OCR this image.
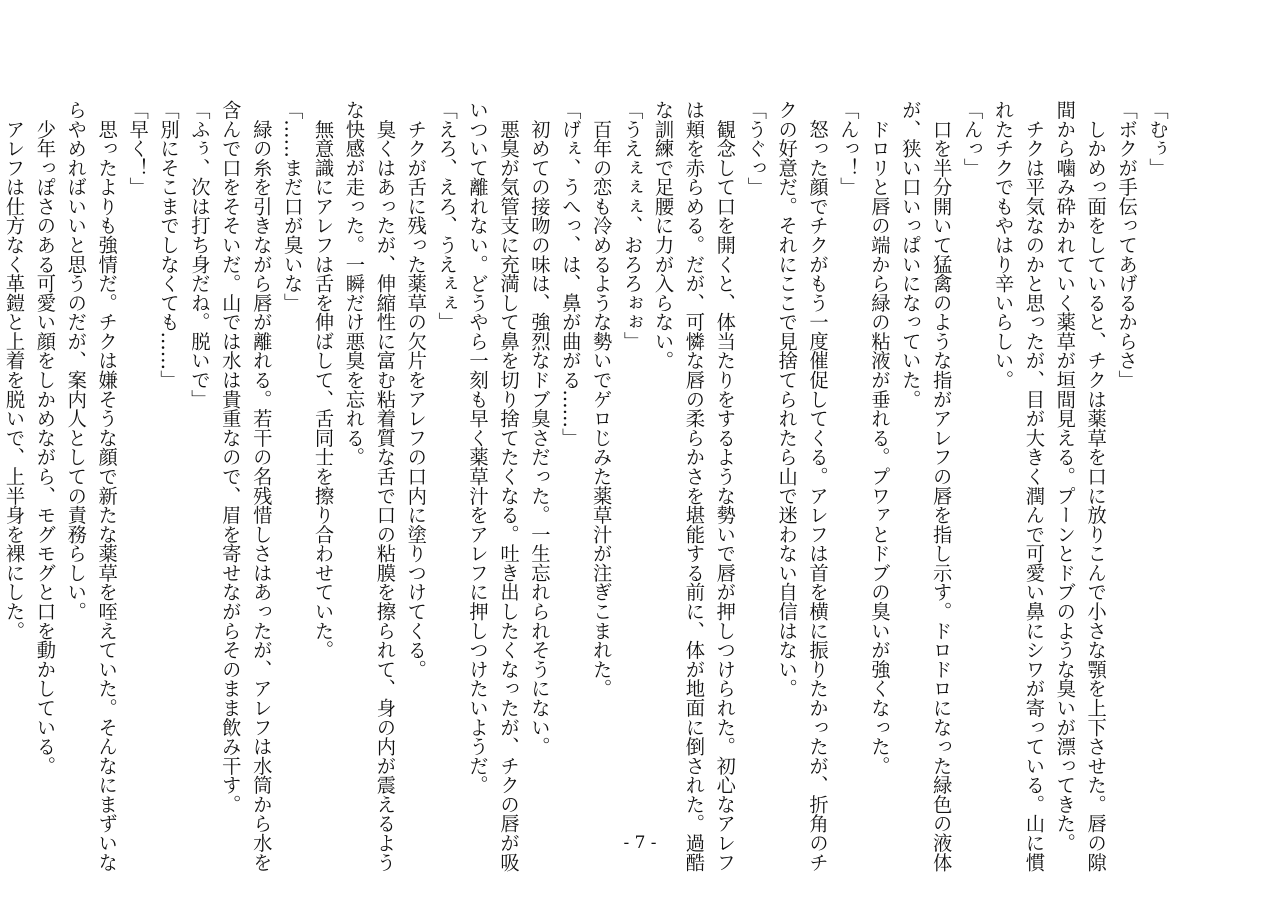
「むぅ」
「ボクが手伝ってあげるからさ」
　しかめっ面をしていると、チクは薬草を口に放りこんで小さな顎を上下させた。唇の隙
間から噛み砕かれていく薬草が垣間見える。プーンとドブのような臭いが漂ってきた。
　チクは平気なのかと思ったが、目が大きく潤んで可愛い鼻にシワが寄っている。山に慣
れたチクでもやはり辛いらしい。
「んっ」
　口を半分開いて猛禽のような指がアレフの唇を指し示す。ドロドロになった緑色の液体
が、狭い口いっぱいになっていた。
　ドロリと唇の端から緑の粘液が垂れる。プワァとドブの臭いが強くなった。
「んっ！」
　怒った顔でチクがもう一度催促してくる。アレフは首を横に振りたかったが、折角のチ
クの好意だ。それにここで見捨てられたら山で迷わない自信はない。
「うぐっ」
　観念して口を開くと、体当たりをするような勢いで唇が押しつけられた。初心なアレフ
は頬を赤らめる。だが、可憐な唇の柔らかさを堪能する前に、体が地面に倒された。過酷
な訓練で足腰に力が入らない。
「うえぇぇぇ、おろろぉぉ」
　百年の恋も冷めるような勢いでゲロじみた薬草汁が注ぎこまれた。
「げぇ、うへっ、は、鼻が曲がる……」
　初めての接吻の味は、強烈なドブ臭さだった。一生忘れられそうにない。
　悪臭が気管支に充満して鼻を切り捨てたくなる。吐き出したくなったが、チクの唇が吸
いついて離れない。どうやら一刻も早く薬草汁をアレフに押しつけたいようだ。
「えろ、えろ、うえぇぇ」
　チクが舌に残った薬草の欠片をアレフの口内に塗りつけてくる。
　臭くはあったが、伸縮性に富む粘着質な舌で口の粘膜を擦られて、身の内が震えるよう
な快感が走った。一瞬だけ悪臭を忘れる。
　無意識にアレフは舌を伸ばして、舌同士を擦り合わせていた。
「……まだ口が臭いな」
　緑の糸を引きながら唇が離れる。若干の名残惜しさはあったが、アレフは水筒から水を
含んで口をそそいだ。山では水は貴重なので、眉を寄せながらそのまま飲み干す。
「ふぅ、次は打ち身だね。脱いで」
「別にそこまでしなくても……」
「早く！」
　思ったよりも強情だ。チクは嫌そうな顔で新たな薬草を咥えていた。そんなにまずいな
らやめればいいと思うのだが、案内人としての責務らしい。
　少年っぽさのある可愛い顔をしかめながら、モグモグと口を動かしている。
　アレフは仕方なく革鎧と上着を脱いで、上半身を裸にした。
- 7 -
